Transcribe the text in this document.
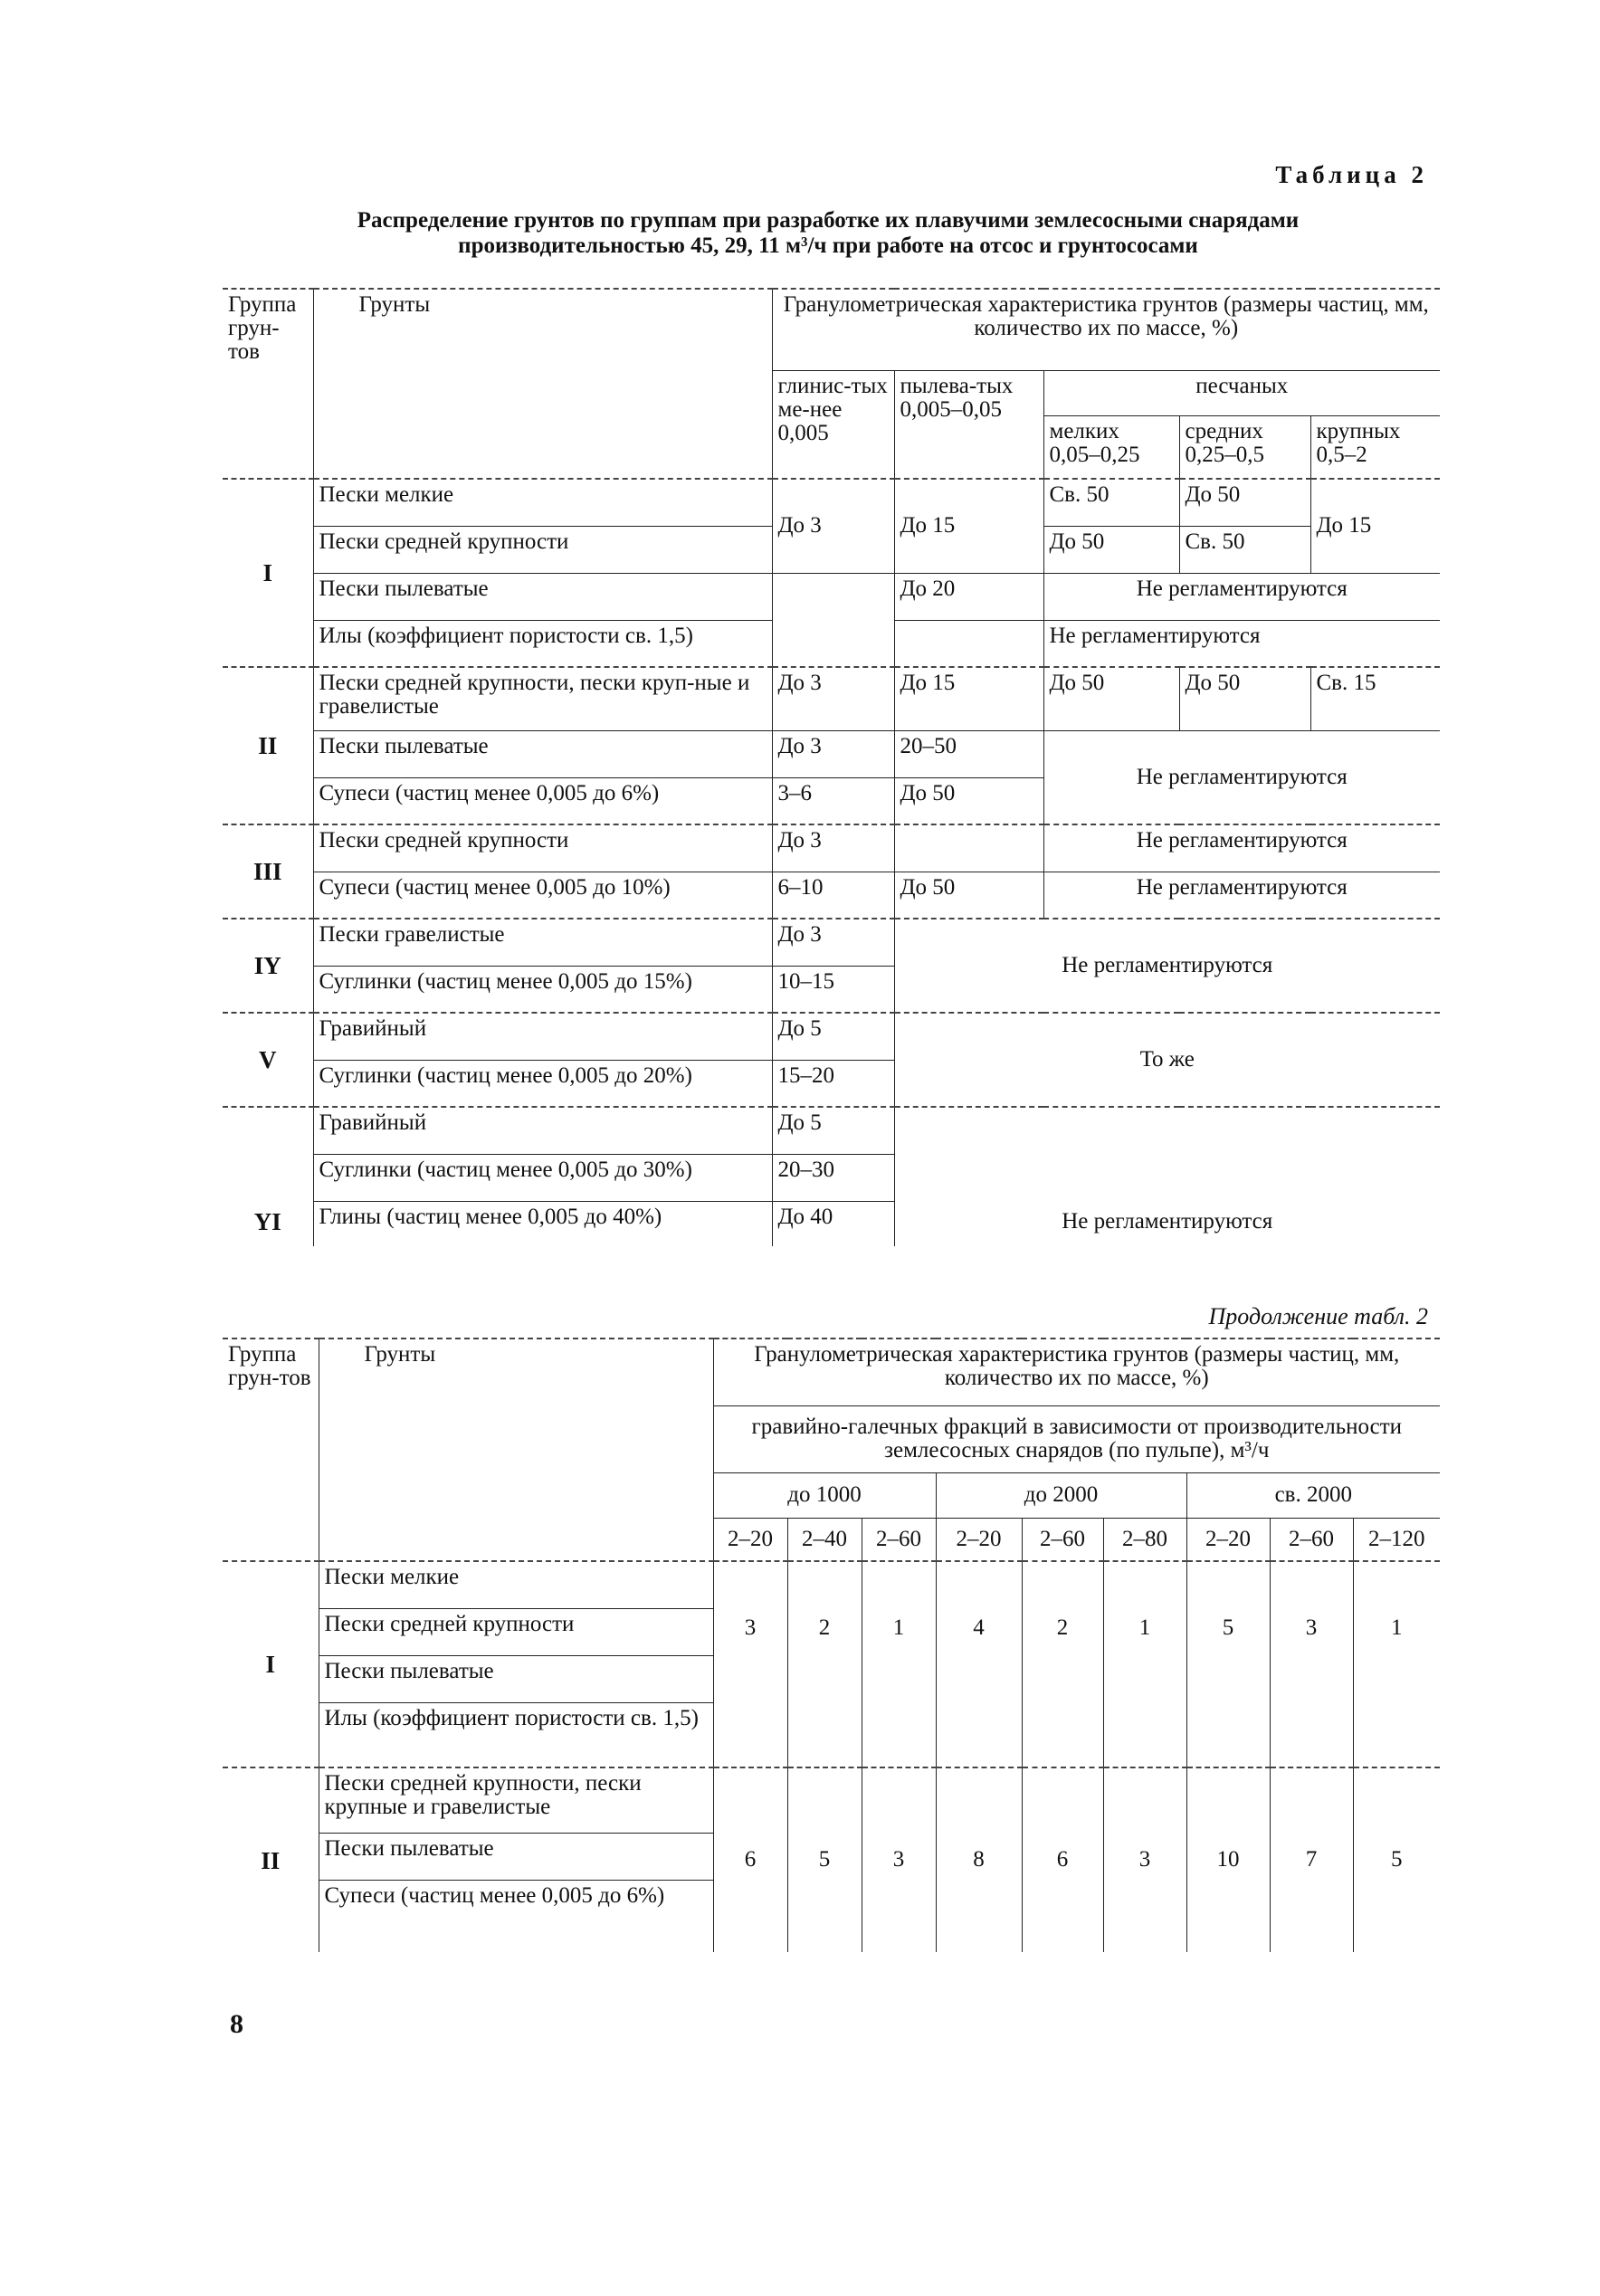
Таблица 2
Распределение грунтов по группам при разработке их плавучими землесосными снарядами
производительностью 45, 29, 11 м³/ч при работе на отсос и грунтососами
Группа грун-тов	Грунты	Гранулометрическая характеристика грунтов (размеры частиц, мм, количество их по массе, %)				
		глинис-тых ме-нее 0,005	пылева-тых 0,005–0,05	песчаных		
				мелких 0,05–0,25	средних 0,25–0,5	крупных 0,5–2
I	Пески мелкие	До 3	До 15	Св. 50	До 50	До 15
	Пески средней крупности			До 50	Св. 50	
	Пески пылеватые		До 20	Не регламентируются		
	Илы (коэффициент пористости св. 1,5)			Не регламентируются		
II	Пески средней крупности, пески круп-ные и гравелистые	До 3	До 15	До 50	До 50	Св. 15
	Пески пылеватые	До 3	20–50	Не регламентируются		
	Супеси (частиц менее 0,005 до 6%)	3–6	До 50			
III	Пески средней крупности	До 3		Не регламентируются		
	Супеси (частиц менее 0,005 до 10%)	6–10	До 50	Не регламентируются		
IY	Пески гравелистые	До 3	Не регламентируются			
	Суглинки (частиц менее 0,005 до 15%)	10–15				
V	Гравийный	До 5	То же			
	Суглинки (частиц менее 0,005 до 20%)	15–20				
YI	Гравийный	До 5	Не регламентируются			
	Суглинки (частиц менее 0,005 до 30%)	20–30				
	Глины (частиц менее 0,005 до 40%)	До 40				
Продолжение табл. 2
Группа грун-тов	Грунты	Гранулометрическая характеристика грунтов (размеры частиц, мм, количество их по массе, %)								
		гравийно-галечных фракций в зависимости от производительности землесосных снарядов (по пульпе), м³/ч								
		до 1000			до 2000			св. 2000		
		2–20	2–40	2–60	2–20	2–60	2–80	2–20	2–60	2–120
I	Пески мелкие	3	2	1	4	2	1	5	3	1
	Пески средней крупности									
	Пески пылеватые									
	Илы (коэффициент пористости св. 1,5)									
II	Пески средней крупности, пески крупные и гравелистые	6	5	3	8	6	3	10	7	5
	Пески пылеватые									
	Супеси (частиц менее 0,005 до 6%)									
8
